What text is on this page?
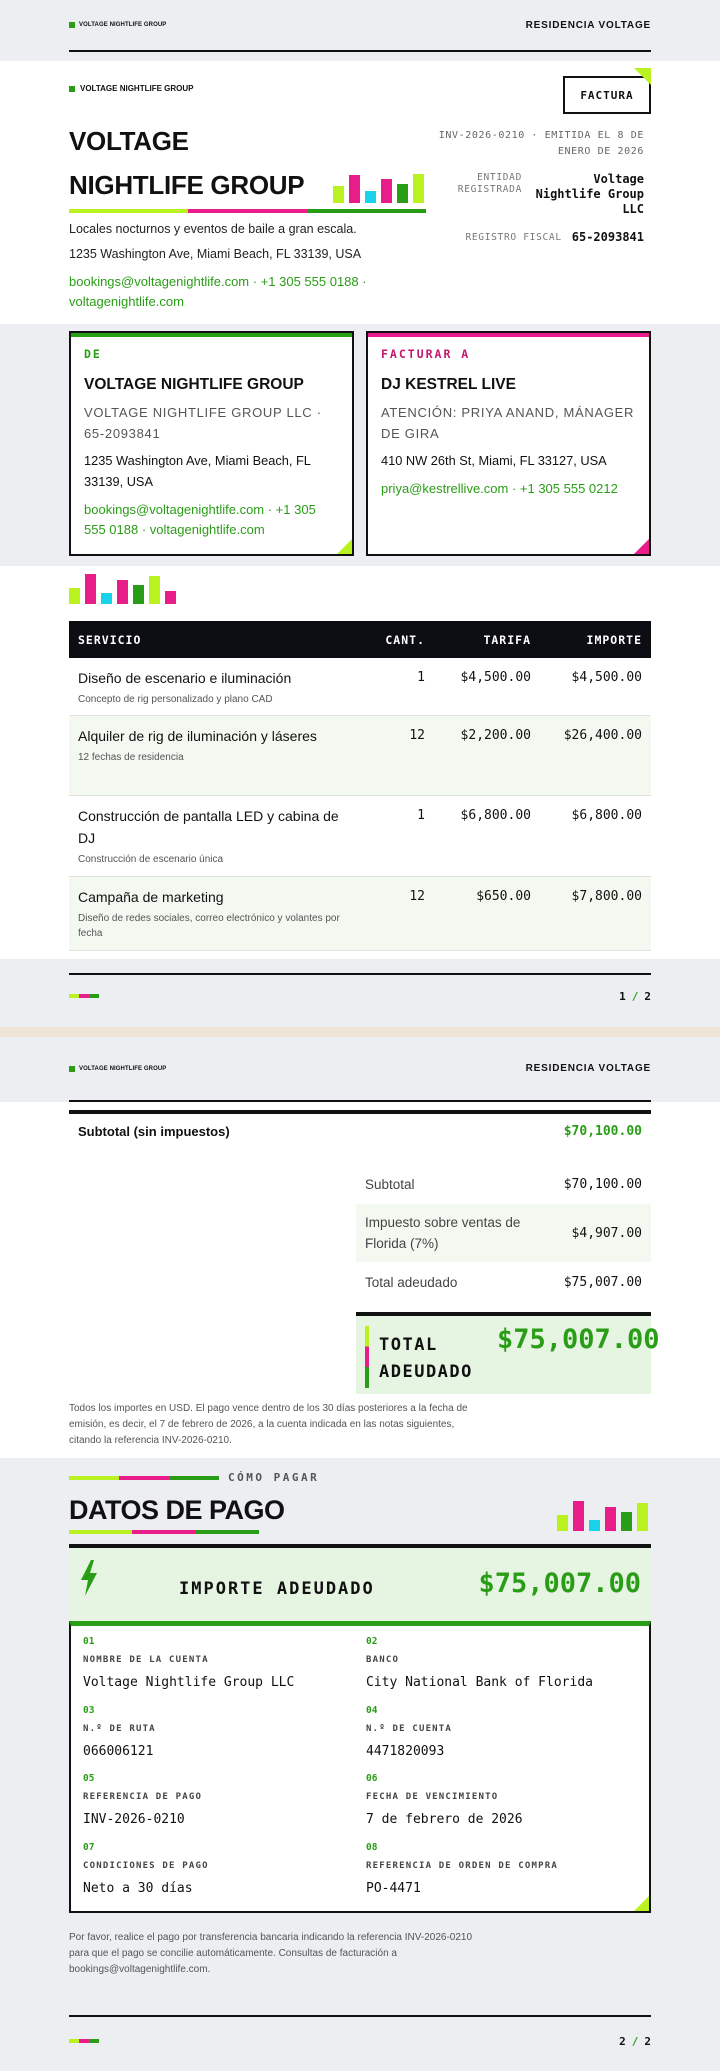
VOLTAGE NIGHTLIFE GROUP	RESIDENCIA VOLTAGE
VOLTAGE NIGHTLIFE GROUP
VOLTAGE NIGHTLIFE GROUP
Locales nocturnos y eventos de baile a gran escala.
1235 Washington Ave, Miami Beach, FL 33139, USA
bookings@voltagenightlife.com · +1 305 555 0188 · voltagenightlife.com
FACTURA
INV-2026-0210 · EMITIDA EL 8 DE ENERO DE 2026
ENTIDAD REGISTRADA
Voltage Nightlife Group LLC
REGISTRO FISCAL 65-2093841
DE
VOLTAGE NIGHTLIFE GROUP
VOLTAGE NIGHTLIFE GROUP LLC · 65-2093841
1235 Washington Ave, Miami Beach, FL 33139, USA
bookings@voltagenightlife.com · +1 305 555 0188 · voltagenightlife.com
FACTURAR A
DJ KESTREL LIVE
ATENCIÓN: PRIYA ANAND, MÁNAGER DE GIRA
410 NW 26th St, Miami, FL 33127, USA
priya@kestrellive.com · +1 305 555 0212
SERVICIO	CANT.	TARIFA	IMPORTE
Diseño de escenario e iluminación
Concepto de rig personalizado y plano CAD
1	$4,500.00	$4,500.00
Alquiler de rig de iluminación y láseres
12 fechas de residencia
12	$2,200.00	$26,400.00
Construcción de pantalla LED y cabina de DJ
Construcción de escenario única
1	$6,800.00	$6,800.00
Campaña de marketing
Diseño de redes sociales, correo electrónico y volantes por fecha
12	$650.00	$7,800.00
1 / 2
VOLTAGE NIGHTLIFE GROUP	RESIDENCIA VOLTAGE
Subtotal (sin impuestos)	$70,100.00
Subtotal	$70,100.00
Impuesto sobre ventas de Florida (7%)
$4,907.00
Total adeudado	$75,007.00
TOTAL ADEUDADO
$75,007.00
Todos los importes en USD. El pago vence dentro de los 30 días posteriores a la fecha de emisión, es decir, el 7 de febrero de 2026, a la cuenta indicada en las notas siguientes, citando la referencia INV-2026-0210.
CÓMO PAGAR
DATOS DE PAGO
IMPORTE ADEUDADO	$75,007.00
01
NOMBRE DE LA CUENTA
Voltage Nightlife Group LLC
02
BANCO
City National Bank of Florida
03
N.º DE RUTA
066006121
04
N.º DE CUENTA
4471820093
05
REFERENCIA DE PAGO
INV-2026-0210
06
FECHA DE VENCIMIENTO
7 de febrero de 2026
07
CONDICIONES DE PAGO
Neto a 30 días
08
REFERENCIA DE ORDEN DE COMPRA
PO-4471
Por favor, realice el pago por transferencia bancaria indicando la referencia INV-2026-0210 para que el pago se concilie automáticamente. Consultas de facturación a bookings@voltagenightlife.com.
2 / 2
